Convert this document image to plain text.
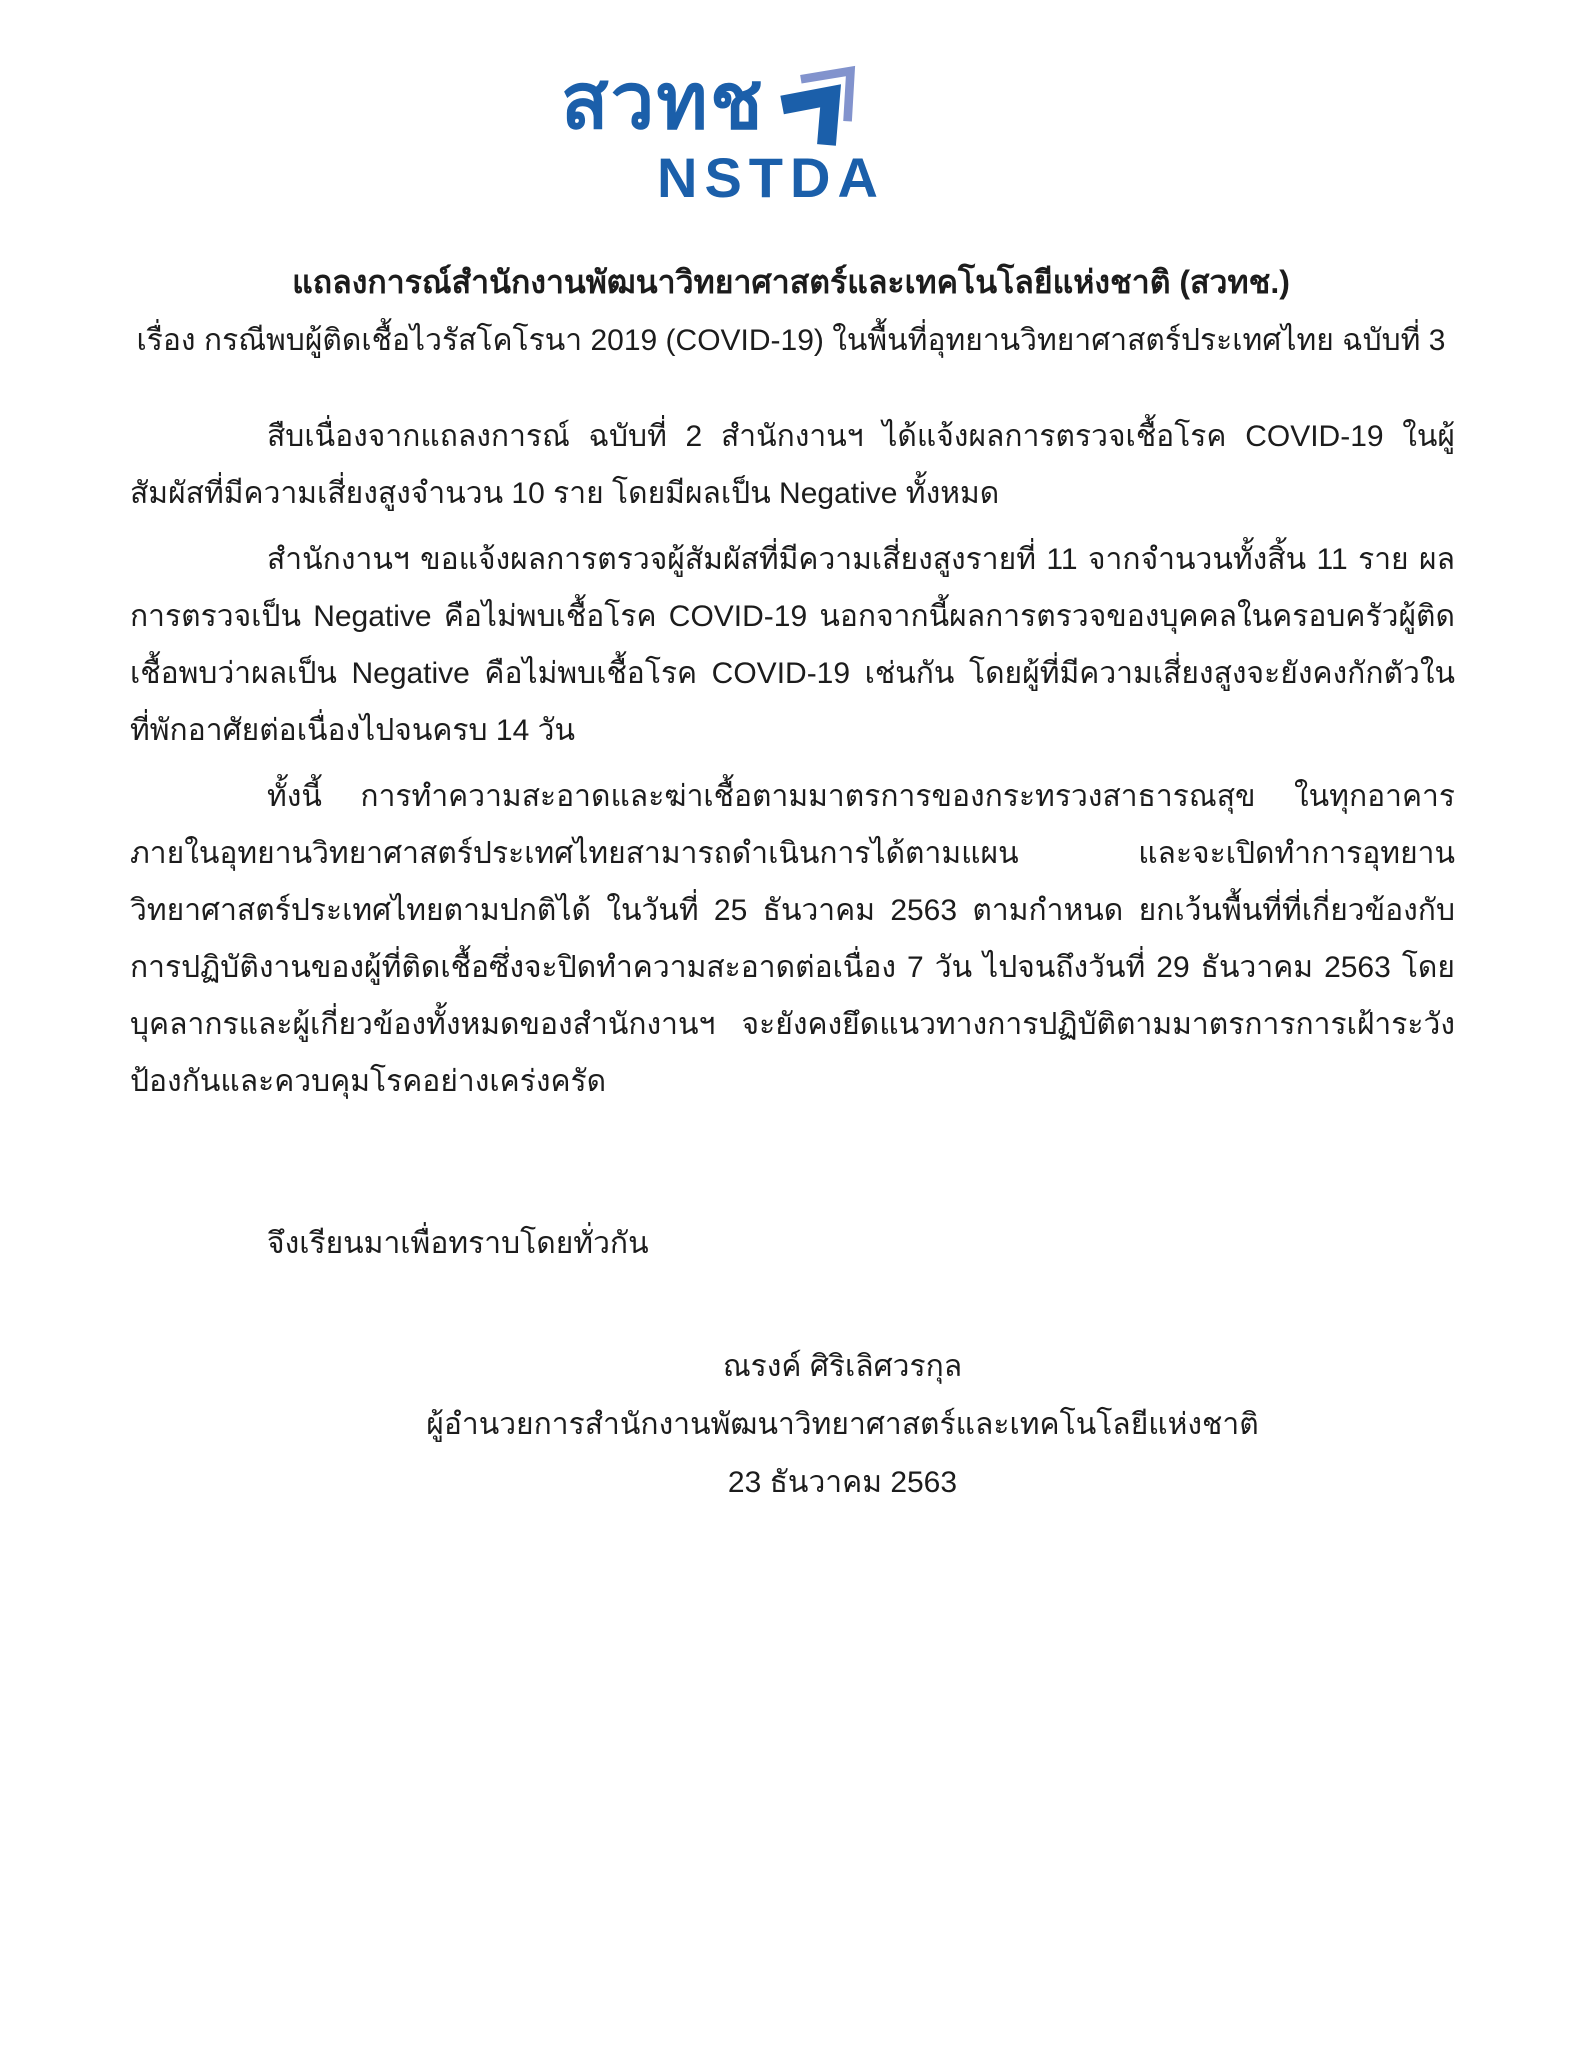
สวทช
NSTDA
แถลงการณ์สำนักงานพัฒนาวิทยาศาสตร์และเทคโนโลยีแห่งชาติ (สวทช.)
เรื่อง กรณีพบผู้ติดเชื้อไวรัสโคโรนา 2019 (COVID-19) ในพื้นที่อุทยานวิทยาศาสตร์ประเทศไทย ฉบับที่ 3

สืบเนื่องจากแถลงการณ์ ฉบับที่ 2 สำนักงานฯ ได้แจ้งผลการตรวจเชื้อโรค COVID-19 ในผู้สัมผัสที่มีความเสี่ยงสูงจำนวน 10 ราย โดยมีผลเป็น Negative ทั้งหมด

สำนักงานฯ ขอแจ้งผลการตรวจผู้สัมผัสที่มีความเสี่ยงสูงรายที่ 11 จากจำนวนทั้งสิ้น 11 ราย ผลการตรวจเป็น Negative คือไม่พบเชื้อโรค COVID-19 นอกจากนี้ผลการตรวจของบุคคลในครอบครัวผู้ติดเชื้อพบว่าผลเป็น Negative คือไม่พบเชื้อโรค COVID-19 เช่นกัน โดยผู้ที่มีความเสี่ยงสูงจะยังคงกักตัวในที่พักอาศัยต่อเนื่องไปจนครบ 14 วัน

ทั้งนี้ การทำความสะอาดและฆ่าเชื้อตามมาตรการของกระทรวงสาธารณสุข ในทุกอาคารภายในอุทยานวิทยาศาสตร์ประเทศไทยสามารถดำเนินการได้ตามแผน และจะเปิดทำการอุทยานวิทยาศาสตร์ประเทศไทยตามปกติได้ ในวันที่ 25 ธันวาคม 2563 ตามกำหนด ยกเว้นพื้นที่ที่เกี่ยวข้องกับการปฏิบัติงานของผู้ที่ติดเชื้อซึ่งจะปิดทำความสะอาดต่อเนื่อง 7 วัน ไปจนถึงวันที่ 29 ธันวาคม 2563 โดยบุคลากรและผู้เกี่ยวข้องทั้งหมดของสำนักงานฯ จะยังคงยึดแนวทางการปฏิบัติตามมาตรการการเฝ้าระวัง ป้องกันและควบคุมโรคอย่างเคร่งครัด

จึงเรียนมาเพื่อทราบโดยทั่วกัน

ณรงค์ ศิริเลิศวรกุล
ผู้อำนวยการสำนักงานพัฒนาวิทยาศาสตร์และเทคโนโลยีแห่งชาติ
23 ธันวาคม 2563
